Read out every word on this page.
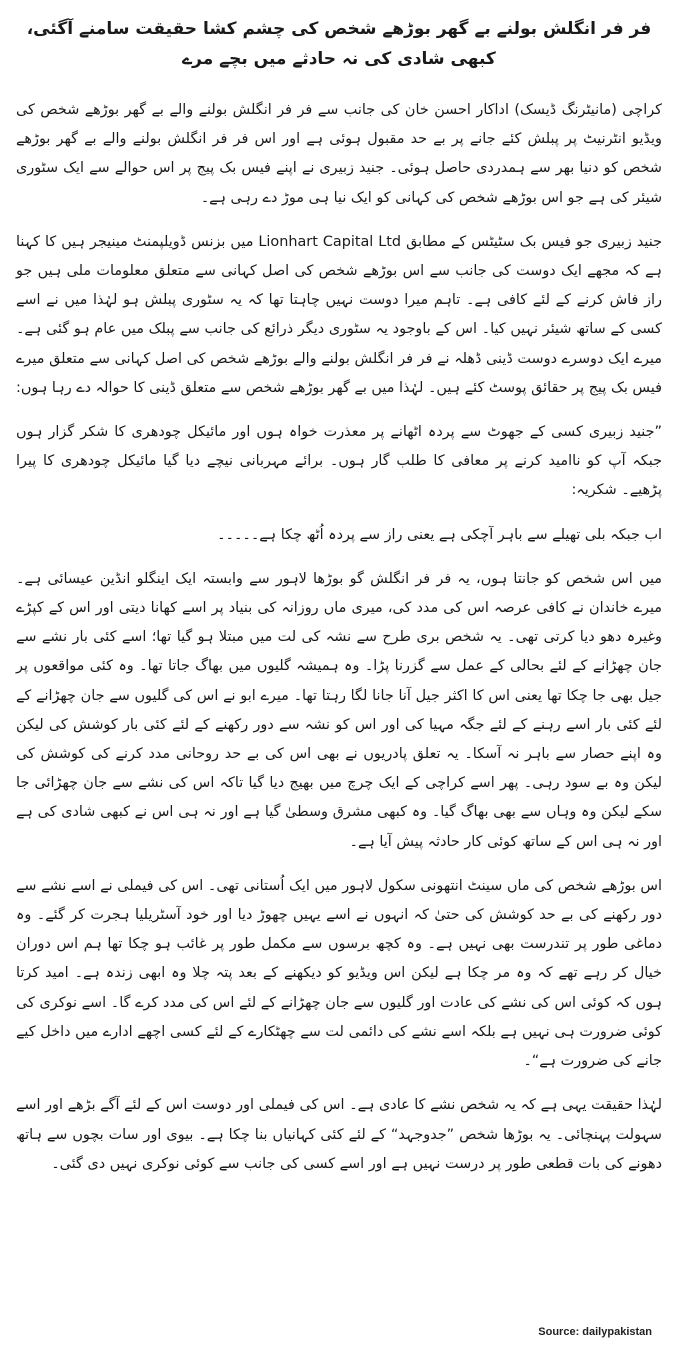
فر فر انگلش بولنے بے گھر بوڑھے شخص کی چشم کشا حقیقت سامنے آگئی، کبھی شادی کی نہ حادثے میں بچے مرے

کراچی (مانیٹرنگ ڈیسک) اداکار احسن خان کی جانب سے فر فر انگلش بولنے والے بے گھر بوڑھے شخص کی ویڈیو انٹرنیٹ پر پبلش کئے جانے پر بے حد مقبول ہوئی ہے اور اس فر فر انگلش بولنے والے بے گھر بوڑھے شخص کو دنیا بھر سے ہمدردی حاصل ہوئی۔ جنید زبیری نے اپنے فیس بک پیج پر اس حوالے سے ایک سٹوری شیئر کی ہے جو اس بوڑھے شخص کی کہانی کو ایک نیا ہی موڑ دے رہی ہے۔

جنید زبیری جو فیس بک سٹیٹس کے مطابق Lionhart Capital Ltd میں بزنس ڈویلپمنٹ مینیجر ہیں کا کہنا ہے کہ مجھے ایک دوست کی جانب سے اس بوڑھے شخص کی اصل کہانی سے متعلق معلومات ملی ہیں جو راز فاش کرنے کے لئے کافی ہے۔ تاہم میرا دوست نہیں چاہتا تھا کہ یہ سٹوری پبلش ہو لہٰذا میں نے اسے کسی کے ساتھ شیئر نہیں کیا۔ اس کے باوجود یہ سٹوری دیگر ذرائع کی جانب سے پبلک میں عام ہو گئی ہے۔ میرے ایک دوسرے دوست ڈینی ڈھلہ نے فر فر انگلش بولنے والے بوڑھے شخص کی اصل کہانی سے متعلق میرے فیس بک پیج پر حقائق پوسٹ کئے ہیں۔ لہٰذا میں بے گھر بوڑھے شخص سے متعلق ڈینی کا حوالہ دے رہا ہوں:

”جنید زبیری کسی کے جھوٹ سے پردہ اٹھانے پر معذرت خواہ ہوں اور مائیکل چودھری کا شکر گزار ہوں جبکہ آپ کو ناامید کرنے پر معافی کا طلب گار ہوں۔ برائے مہربانی نیچے دیا گیا مائیکل چودھری کا پیرا پڑھیے۔ شکریہ:

اب جبکہ بلی تھیلے سے باہر آچکی ہے یعنی راز سے پردہ اُٹھ چکا ہے۔۔۔۔۔

میں اس شخص کو جانتا ہوں، یہ فر فر انگلش گو بوڑھا لاہور سے وابستہ ایک اینگلو انڈین عیسائی ہے۔ میرے خاندان نے کافی عرصہ اس کی مدد کی، میری ماں روزانہ کی بنیاد پر اسے کھانا دیتی اور اس کے کپڑے وغیرہ دھو دیا کرتی تھی۔ یہ شخص بری طرح سے نشہ کی لت میں مبتلا ہو گیا تھا؛ اسے کئی بار نشے سے جان چھڑانے کے لئے بحالی کے عمل سے گزرنا پڑا۔ وہ ہمیشہ گلیوں میں بھاگ جاتا تھا۔ وہ کئی مواقعوں پر جیل بھی جا چکا تھا یعنی اس کا اکثر جیل آنا جانا لگا رہتا تھا۔ میرے ابو نے اس کی گلیوں سے جان چھڑانے کے لئے کئی بار اسے رہنے کے لئے جگہ مہیا کی اور اس کو نشہ سے دور رکھنے کے لئے کئی بار کوشش کی لیکن وہ اپنے حصار سے باہر نہ آسکا۔ یہ تعلق پادریوں نے بھی اس کی بے حد روحانی مدد کرنے کی کوشش کی لیکن وہ بے سود رہی۔ پھر اسے کراچی کے ایک چرچ میں بھیج دیا گیا تاکہ اس کی نشے سے جان چھڑائی جا سکے لیکن وہ وہاں سے بھی بھاگ گیا۔ وہ کبھی مشرق وسطیٰ گیا ہے اور نہ ہی اس نے کبھی شادی کی ہے اور نہ ہی اس کے ساتھ کوئی کار حادثہ پیش آیا ہے۔

اس بوڑھے شخص کی ماں سینٹ انتھونی سکول لاہور میں ایک اُستانی تھی۔ اس کی فیملی نے اسے نشے سے دور رکھنے کی بے حد کوشش کی حتیٰ کہ انہوں نے اسے یہیں چھوڑ دیا اور خود آسٹریلیا ہجرت کر گئے۔ وہ دماغی طور پر تندرست بھی نہیں ہے۔ وہ کچھ برسوں سے مکمل طور پر غائب ہو چکا تھا ہم اس دوران خیال کر رہے تھے کہ وہ مر چکا ہے لیکن اس ویڈیو کو دیکھنے کے بعد پتہ چلا وہ ابھی زندہ ہے۔ امید کرتا ہوں کہ کوئی اس کی نشے کی عادت اور گلیوں سے جان چھڑانے کے لئے اس کی مدد کرے گا۔ اسے نوکری کی کوئی ضرورت ہی نہیں ہے بلکہ اسے نشے کی دائمی لت سے چھٹکارے کے لئے کسی اچھے ادارے میں داخل کیے جانے کی ضرورت ہے“۔

لہٰذا حقیقت یہی ہے کہ یہ شخص نشے کا عادی ہے۔ اس کی فیملی اور دوست اس کے لئے آگے بڑھے اور اسے سہولت پہنچائی۔ یہ بوڑھا شخص ”جدوجہد“ کے لئے کئی کہانیاں بنا چکا ہے۔ بیوی اور سات بچوں سے ہاتھ دھونے کی بات قطعی طور پر درست نہیں ہے اور اسے کسی کی جانب سے کوئی نوکری نہیں دی گئی۔

Source: dailypakistan
